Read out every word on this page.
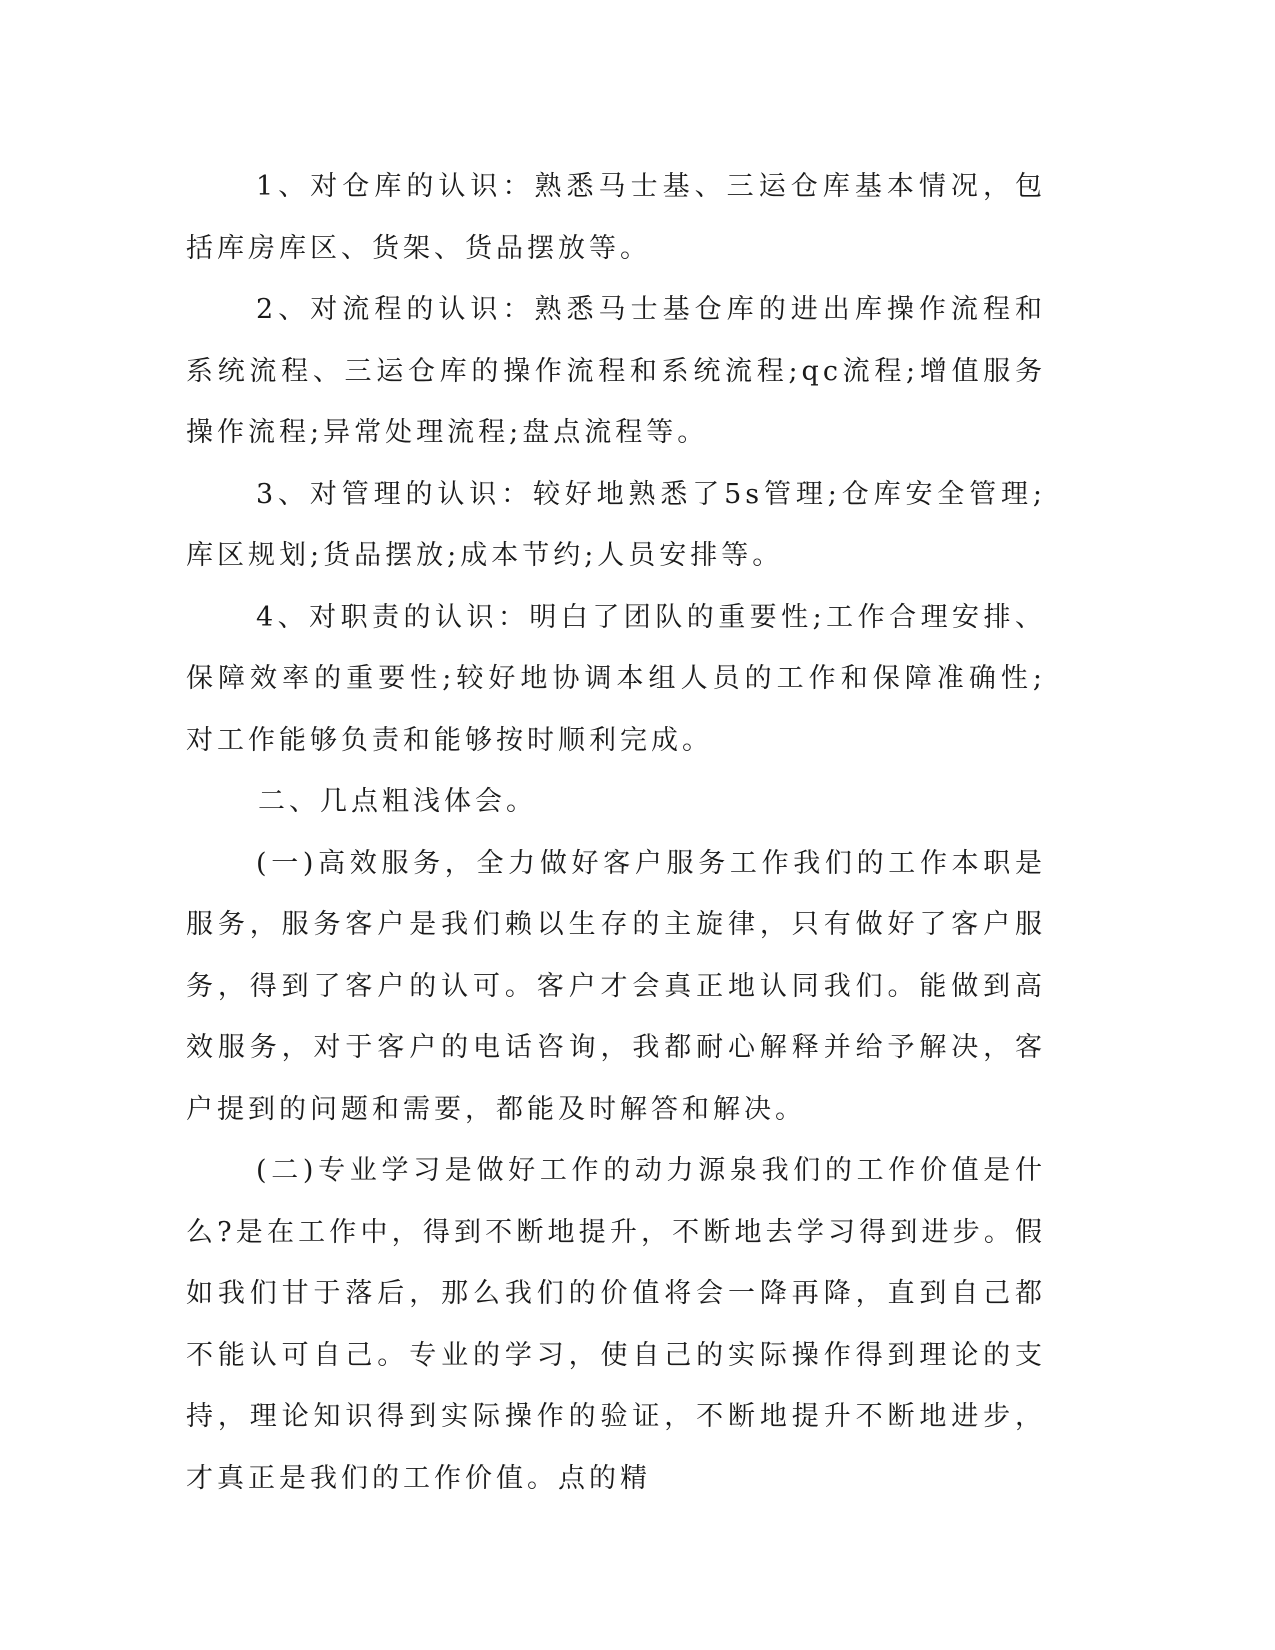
1、对仓库的认识：熟悉马士基、三运仓库基本情况，包括库房库区、货架、货品摆放等。

2、对流程的认识：熟悉马士基仓库的进出库操作流程和系统流程、三运仓库的操作流程和系统流程;qc流程;增值服务操作流程;异常处理流程;盘点流程等。

3、对管理的认识：较好地熟悉了5s管理;仓库安全管理;库区规划;货品摆放;成本节约;人员安排等。

4、对职责的认识：明白了团队的重要性;工作合理安排、保障效率的重要性;较好地协调本组人员的工作和保障准确性;对工作能够负责和能够按时顺利完成。

二、几点粗浅体会。

(一)高效服务，全力做好客户服务工作我们的工作本职是服务，服务客户是我们赖以生存的主旋律，只有做好了客户服务，得到了客户的认可。客户才会真正地认同我们。能做到高效服务，对于客户的电话咨询，我都耐心解释并给予解决，客户提到的问题和需要，都能及时解答和解决。

(二)专业学习是做好工作的动力源泉我们的工作价值是什么?是在工作中，得到不断地提升，不断地去学习得到进步。假如我们甘于落后，那么我们的价值将会一降再降，直到自己都不能认可自己。专业的学习，使自己的实际操作得到理论的支持，理论知识得到实际操作的验证，不断地提升不断地进步，才真正是我们的工作价值。点的精
